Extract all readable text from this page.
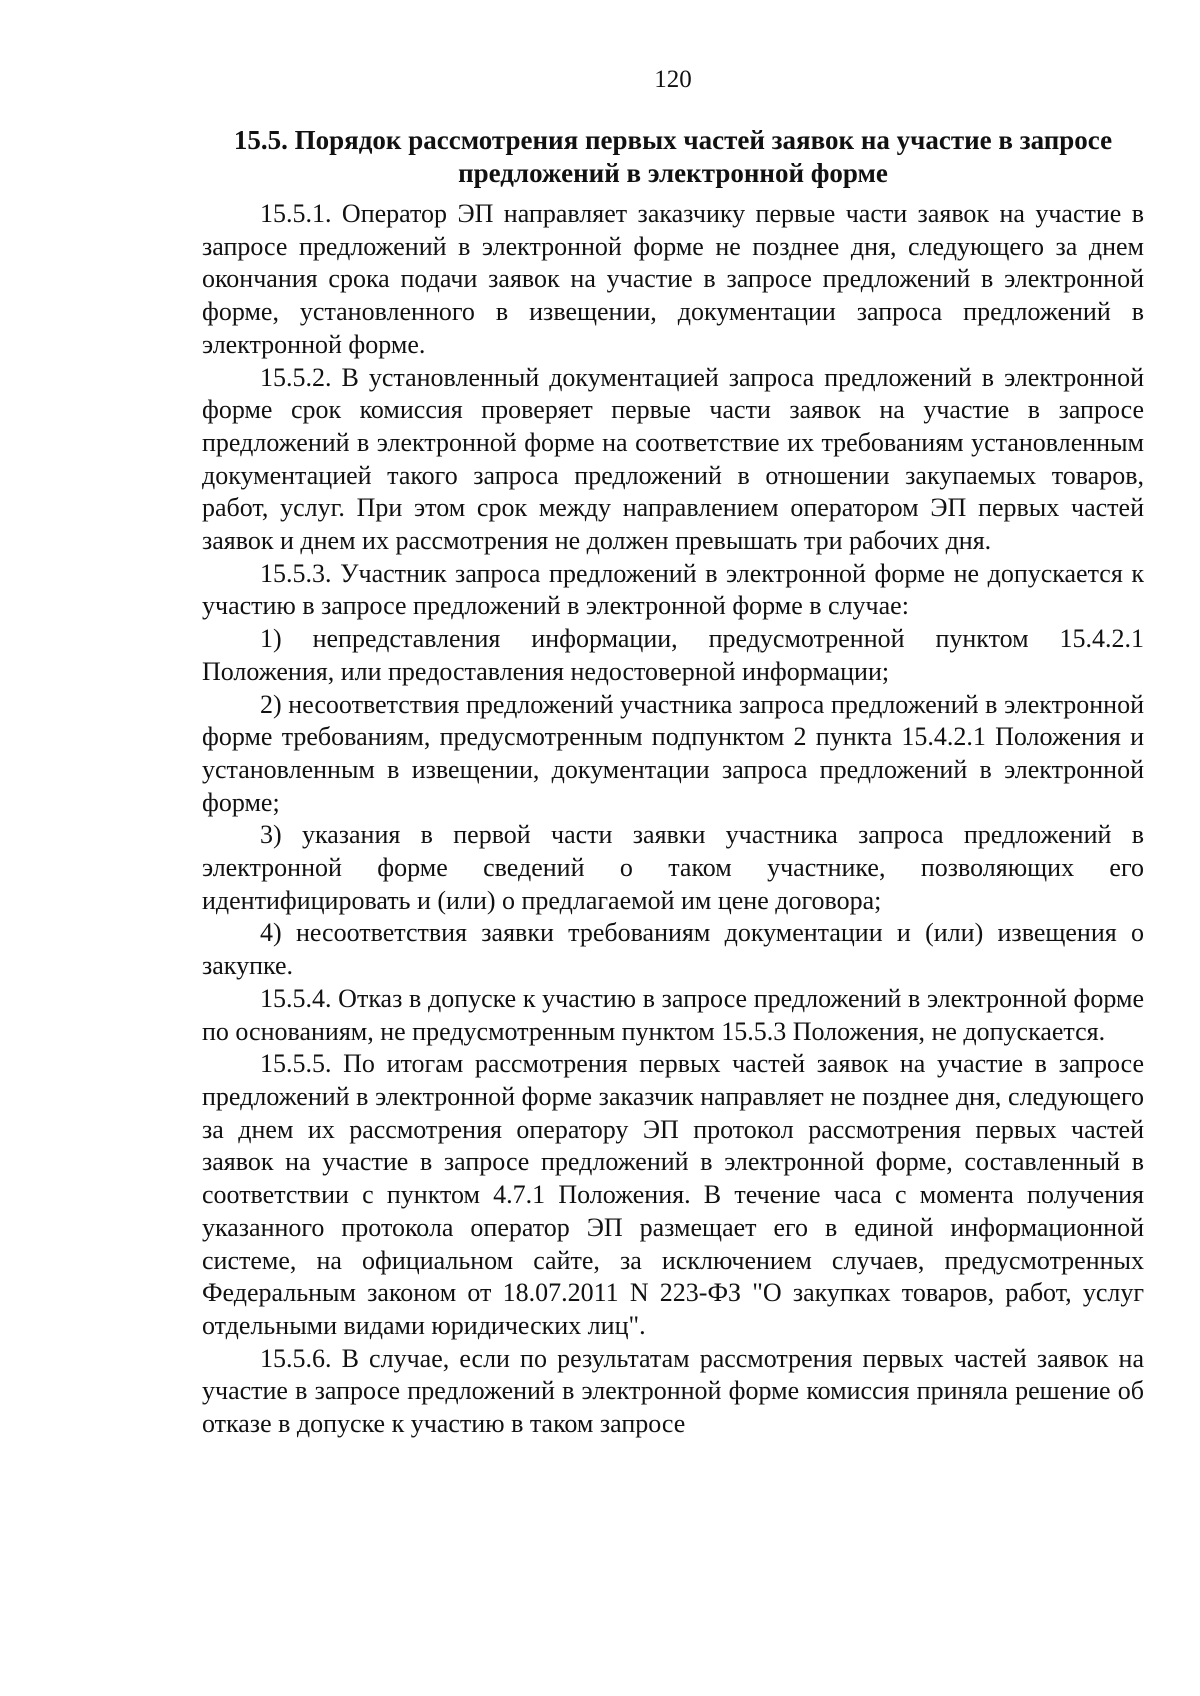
120
15.5. Порядок рассмотрения первых частей заявок на участие в запросе предложений в электронной форме

15.5.1. Оператор ЭП направляет заказчику первые части заявок на участие в запросе предложений в электронной форме не позднее дня, следующего за днем окончания срока подачи заявок на участие в запросе предложений в электронной форме, установленного в извещении, документации запроса предложений в электронной форме.

15.5.2. В установленный документацией запроса предложений в электронной форме срок комиссия проверяет первые части заявок на участие в запросе предложений в электронной форме на соответствие их требованиям установленным документацией такого запроса предложений в отношении закупаемых товаров, работ, услуг. При этом срок между направлением оператором ЭП первых частей заявок и днем их рассмотрения не должен превышать три рабочих дня.

15.5.3. Участник запроса предложений в электронной форме не допускается к участию в запросе предложений в электронной форме в случае:

1) непредставления информации, предусмотренной пунктом 15.4.2.1 Положения, или предоставления недостоверной информации;

2) несоответствия предложений участника запроса предложений в электронной форме требованиям, предусмотренным подпунктом 2 пункта 15.4.2.1 Положения и установленным в извещении, документации запроса предложений в электронной форме;

3) указания в первой части заявки участника запроса предложений в электронной форме сведений о таком участнике, позволяющих его идентифицировать и (или) о предлагаемой им цене договора;

4) несоответствия заявки требованиям документации и (или) извещения о закупке.

15.5.4. Отказ в допуске к участию в запросе предложений в электронной форме по основаниям, не предусмотренным пунктом 15.5.3 Положения, не допускается.

15.5.5. По итогам рассмотрения первых частей заявок на участие в запросе предложений в электронной форме заказчик направляет не позднее дня, следующего за днем их рассмотрения оператору ЭП протокол рассмотрения первых частей заявок на участие в запросе предложений в электронной форме, составленный в соответствии с пунктом 4.7.1 Положения. В течение часа с момента получения указанного протокола оператор ЭП размещает его в единой информационной системе, на официальном сайте, за исключением случаев, предусмотренных Федеральным законом от 18.07.2011 N 223-ФЗ "О закупках товаров, работ, услуг отдельными видами юридических лиц".

15.5.6. В случае, если по результатам рассмотрения первых частей заявок на участие в запросе предложений в электронной форме комиссия приняла решение об отказе в допуске к участию в таком запросе
